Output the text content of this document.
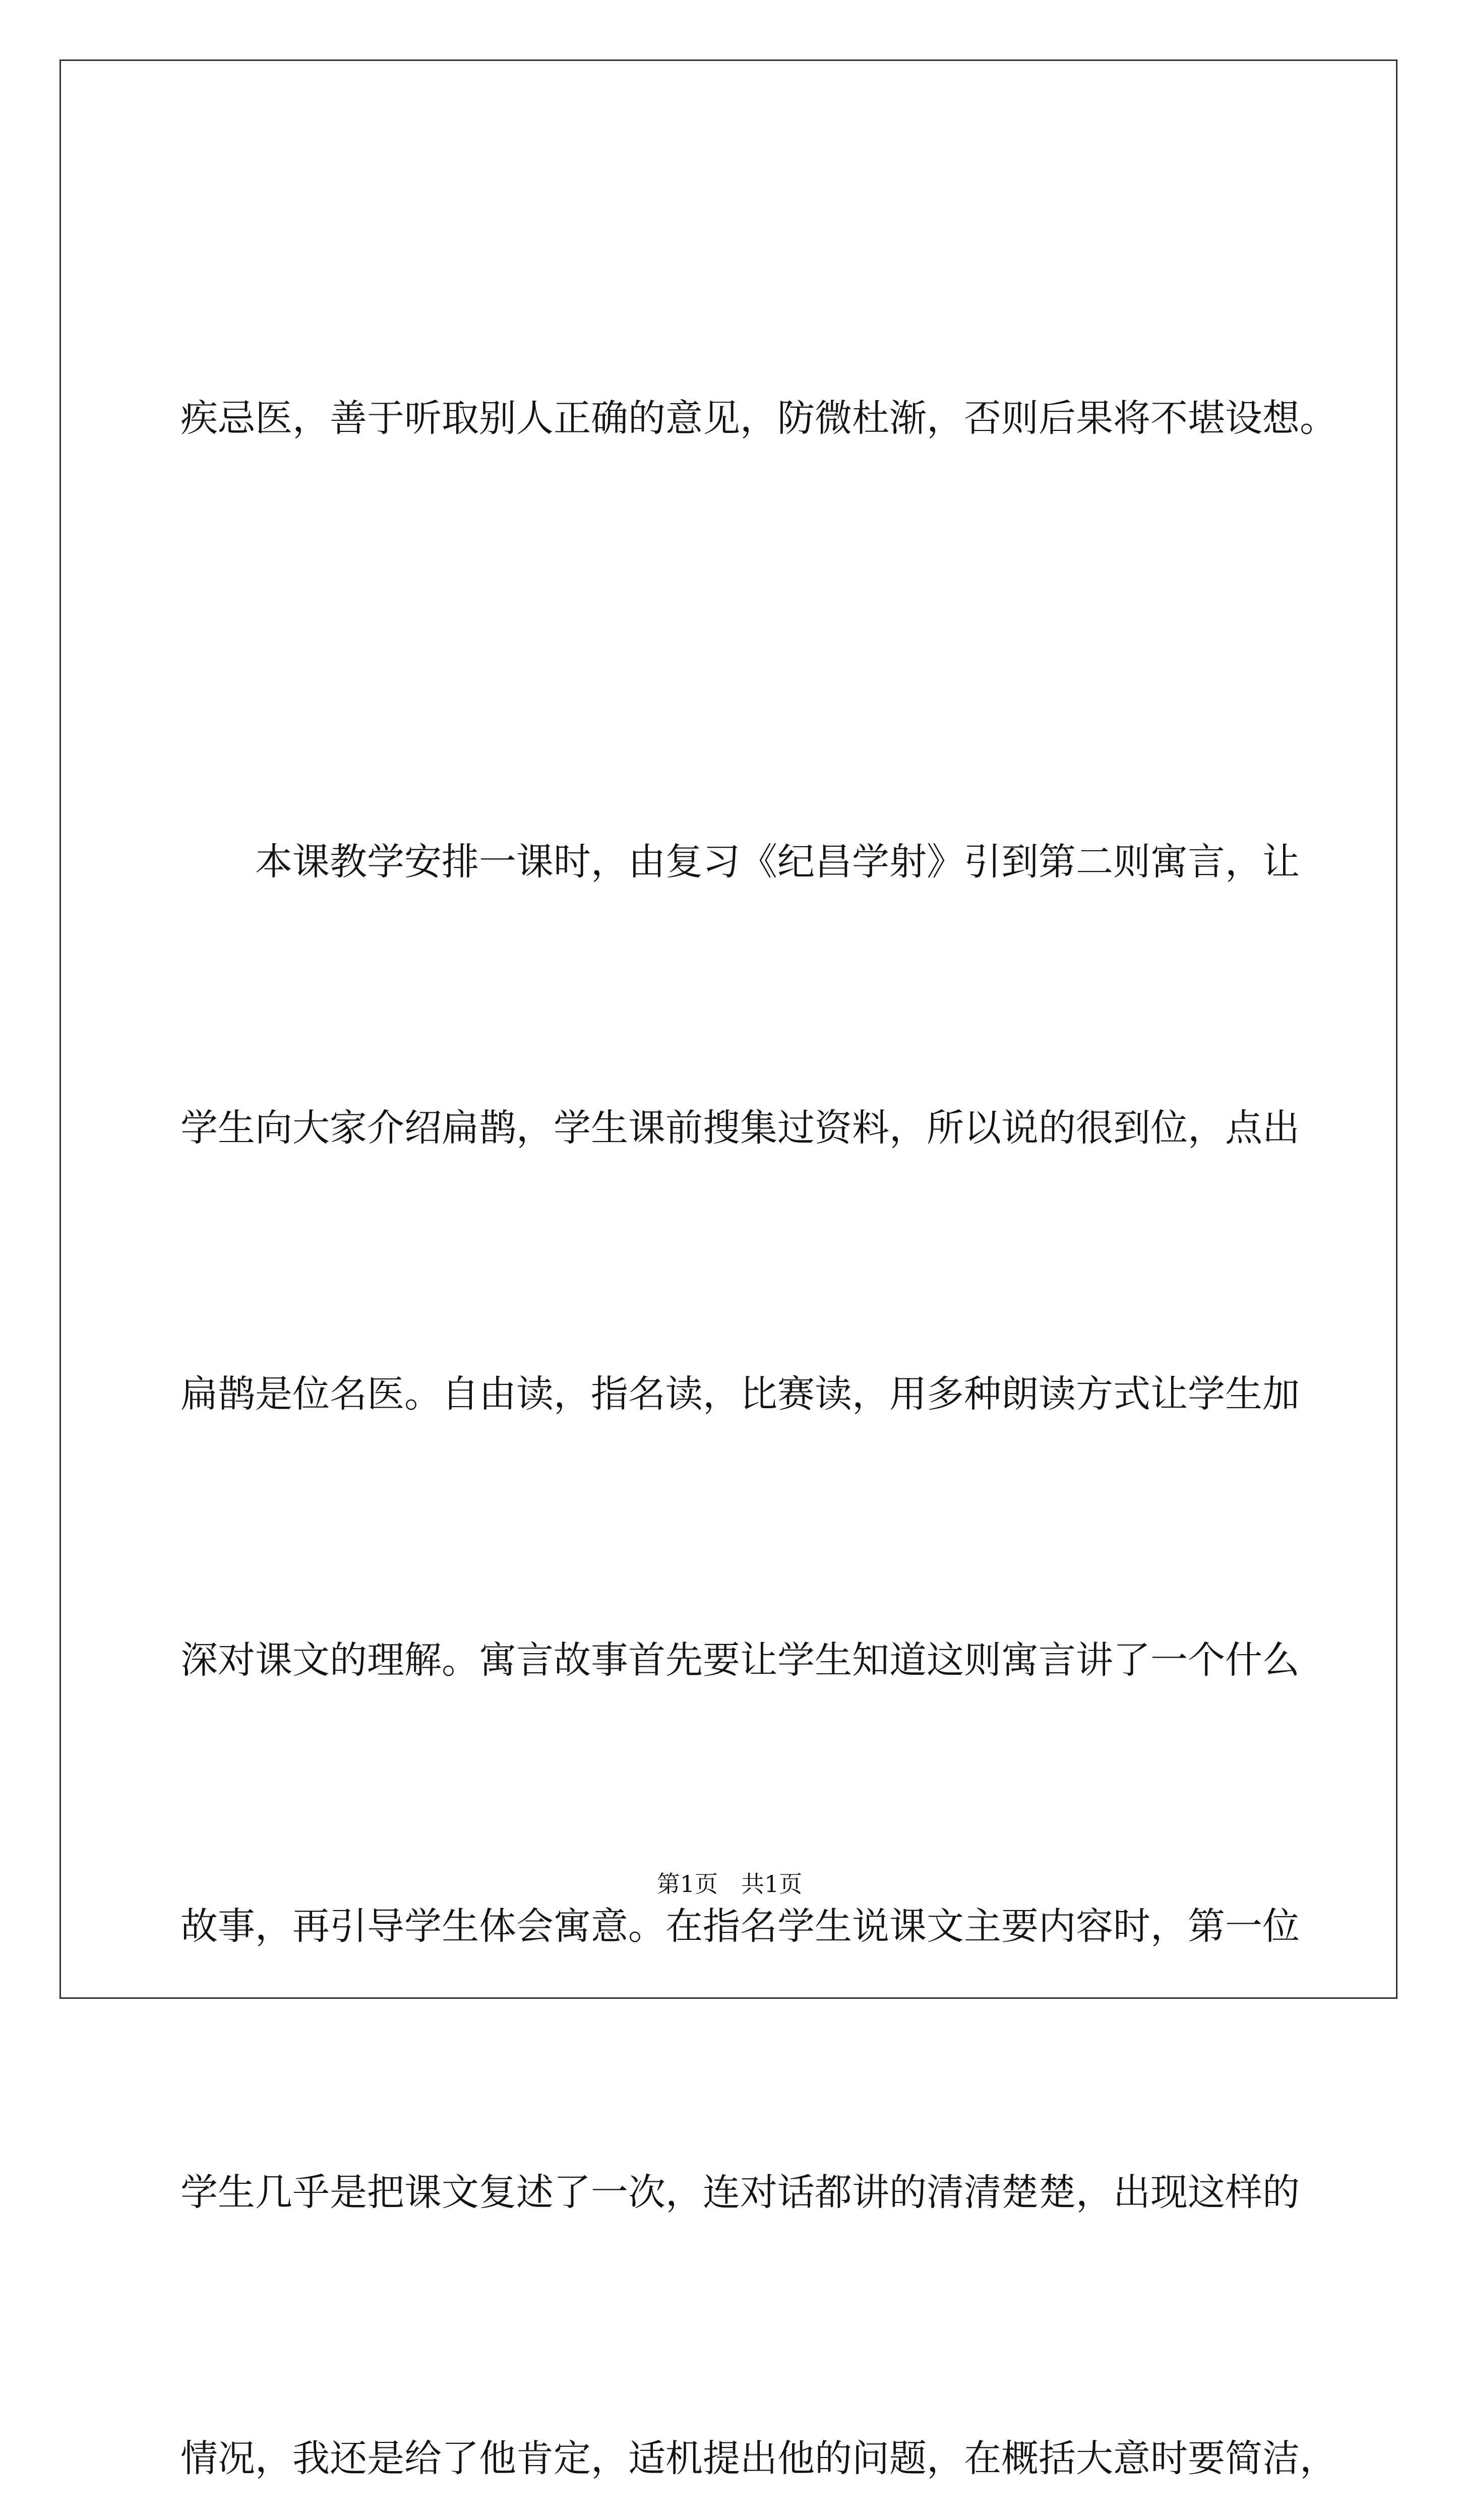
疾忌医，善于听取别人正确的意见，防微杜渐，否则后果将不堪设想。

　　本课教学安排一课时，由复习《纪昌学射》引到第二则寓言，让

学生向大家介绍扁鹊，学生课前搜集过资料，所以说的很到位，点出

扁鹊是位名医。自由读，指名读，比赛读，用多种朗读方式让学生加

深对课文的理解。寓言故事首先要让学生知道这则寓言讲了一个什么

故事，再引导学生体会寓意。在指名学生说课文主要内容时，第一位

学生几乎是把课文复述了一次，连对话都讲的清清楚楚，出现这样的

情况，我还是给了他肯定，适机提出他的问题，在概括大意时要简洁，

第1页　共1页
